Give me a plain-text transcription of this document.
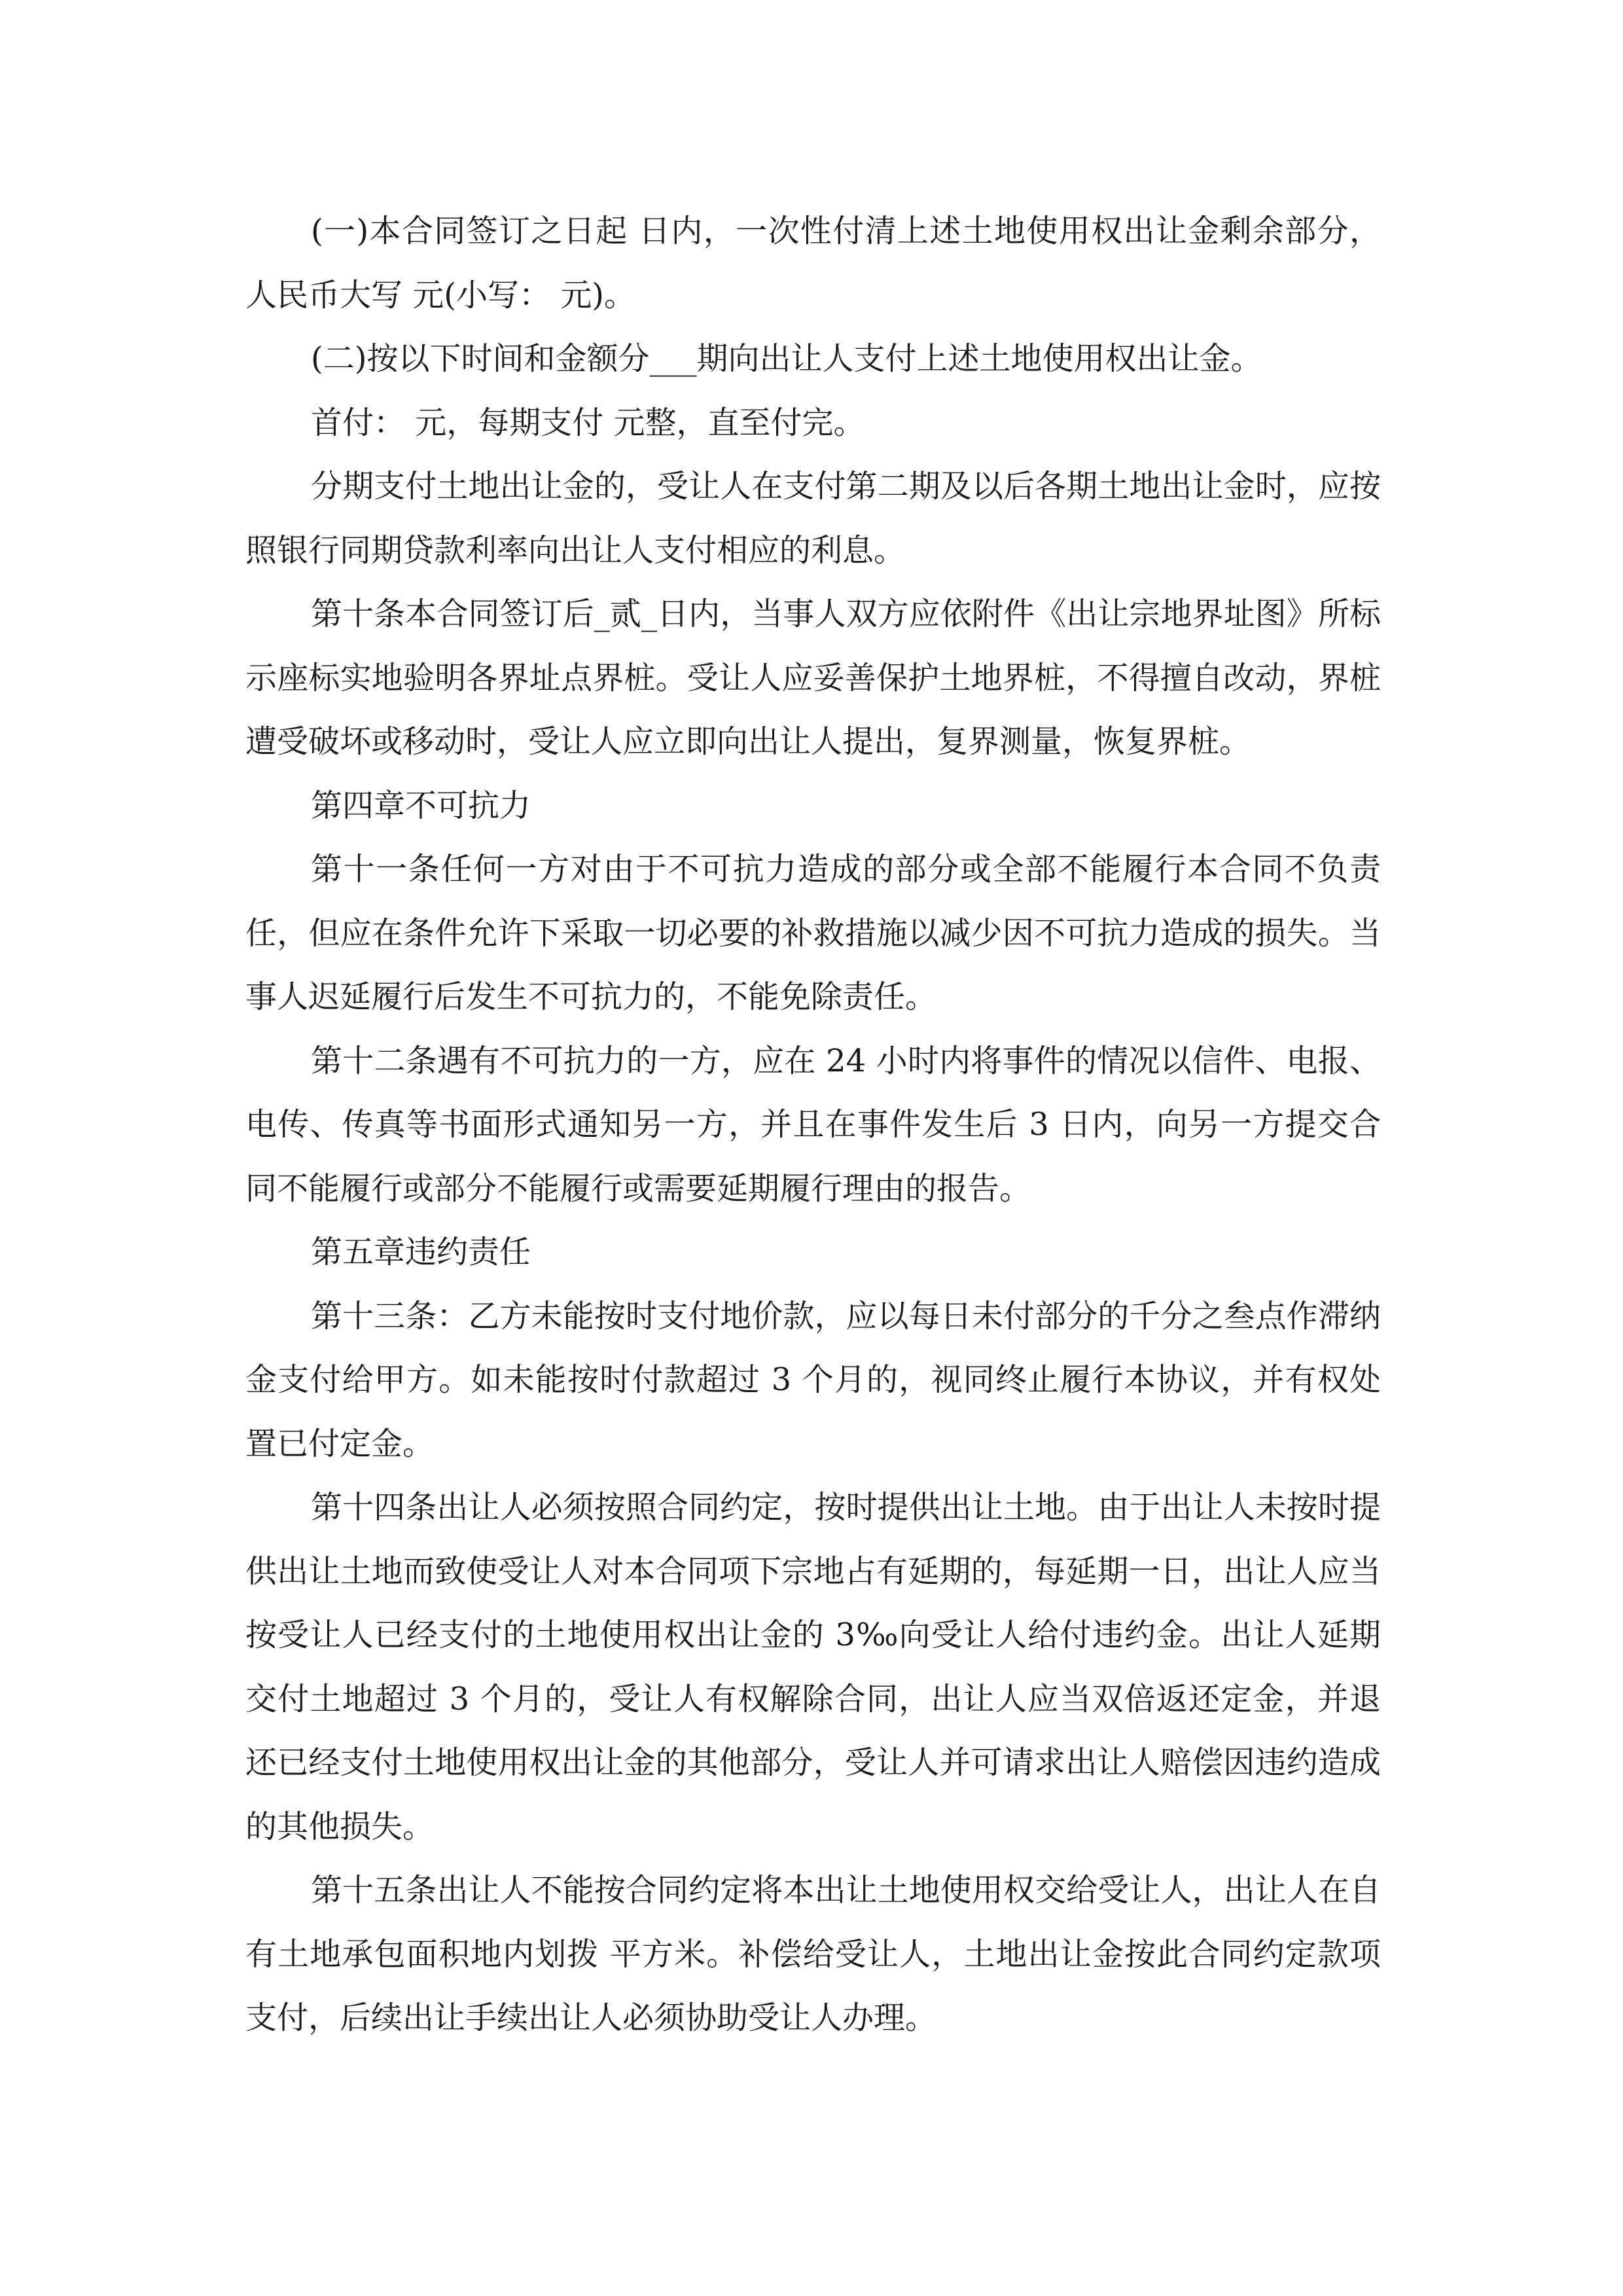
(一)本合同签订之日起 日内，一次性付清上述土地使用权出让金剩余部分，人民币大写 元(小写： 元)。

(二)按以下时间和金额分___期向出让人支付上述土地使用权出让金。

首付： 元，每期支付 元整，直至付完。

分期支付土地出让金的，受让人在支付第二期及以后各期土地出让金时，应按照银行同期贷款利率向出让人支付相应的利息。

第十条本合同签订后_贰_日内，当事人双方应依附件《出让宗地界址图》所标示座标实地验明各界址点界桩。受让人应妥善保护土地界桩，不得擅自改动，界桩遭受破坏或移动时，受让人应立即向出让人提出，复界测量，恢复界桩。

第四章不可抗力

第十一条任何一方对由于不可抗力造成的部分或全部不能履行本合同不负责任，但应在条件允许下采取一切必要的补救措施以减少因不可抗力造成的损失。当事人迟延履行后发生不可抗力的，不能免除责任。

第十二条遇有不可抗力的一方，应在 24 小时内将事件的情况以信件、电报、电传、传真等书面形式通知另一方，并且在事件发生后 3 日内，向另一方提交合同不能履行或部分不能履行或需要延期履行理由的报告。

第五章违约责任

第十三条：乙方未能按时支付地价款，应以每日未付部分的千分之叁点作滞纳金支付给甲方。如未能按时付款超过 3 个月的，视同终止履行本协议，并有权处置已付定金。

第十四条出让人必须按照合同约定，按时提供出让土地。由于出让人未按时提供出让土地而致使受让人对本合同项下宗地占有延期的，每延期一日，出让人应当按受让人已经支付的土地使用权出让金的 3‰向受让人给付违约金。出让人延期交付土地超过 3 个月的，受让人有权解除合同，出让人应当双倍返还定金，并退还已经支付土地使用权出让金的其他部分，受让人并可请求出让人赔偿因违约造成的其他损失。

第十五条出让人不能按合同约定将本出让土地使用权交给受让人，出让人在自有土地承包面积地内划拨 平方米。补偿给受让人，土地出让金按此合同约定款项支付，后续出让手续出让人必须协助受让人办理。
